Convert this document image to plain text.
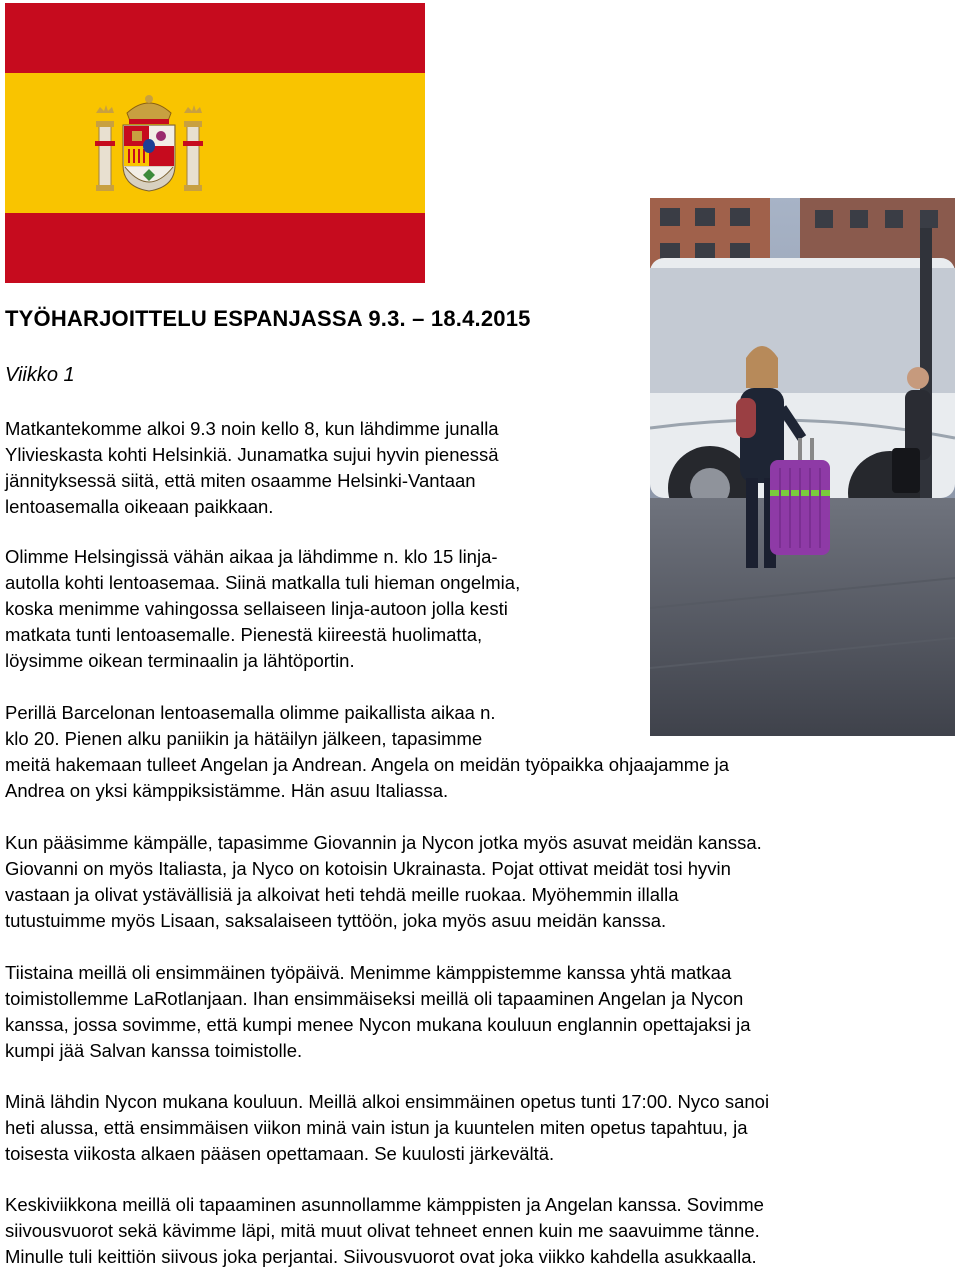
TYÖHARJOITTELU ESPANJASSA 9.3. – 18.4.2015

Viikko 1

Matkantekomme alkoi 9.3 noin kello 8, kun lähdimme junalla
Ylivieskasta kohti Helsinkiä. Junamatka sujui hyvin pienessä
jännityksessä siitä, että miten osaamme Helsinki-Vantaan
lentoasemalla oikeaan paikkaan.

Olimme Helsingissä vähän aikaa ja lähdimme n. klo 15 linja-
autolla kohti lentoasemaa. Siinä matkalla tuli hieman ongelmia,
koska menimme vahingossa sellaiseen linja-autoon jolla kesti
matkata tunti lentoasemalle. Pienestä kiireestä huolimatta,
löysimme oikean terminaalin ja lähtöportin.

Perillä Barcelonan lentoasemalla olimme paikallista aikaa n.
klo 20. Pienen alku paniikin ja hätäilyn jälkeen, tapasimme
meitä hakemaan tulleet Angelan ja Andrean. Angela on meidän työpaikka ohjaajamme ja
Andrea on yksi kämppiksistämme. Hän asuu Italiassa.

Kun pääsimme kämpälle, tapasimme Giovannin ja Nycon jotka myös asuvat meidän kanssa.
Giovanni on myös Italiasta, ja Nyco on kotoisin Ukrainasta. Pojat ottivat meidät tosi hyvin
vastaan ja olivat ystävällisiä ja alkoivat heti tehdä meille ruokaa. Myöhemmin illalla
tutustuimme myös Lisaan, saksalaiseen tyttöön, joka myös asuu meidän kanssa.

Tiistaina meillä oli ensimmäinen työpäivä. Menimme kämppistemme kanssa yhtä matkaa
toimistollemme LaRotlanjaan. Ihan ensimmäiseksi meillä oli tapaaminen Angelan ja Nycon
kanssa, jossa sovimme, että kumpi menee Nycon mukana kouluun englannin opettajaksi ja
kumpi jää Salvan kanssa toimistolle.

Minä lähdin Nycon mukana kouluun. Meillä alkoi ensimmäinen opetus tunti 17:00. Nyco sanoi
heti alussa, että ensimmäisen viikon minä vain istun ja kuuntelen miten opetus tapahtuu, ja
toisesta viikosta alkaen pääsen opettamaan. Se kuulosti järkevältä.

Keskiviikkona meillä oli tapaaminen asunnollamme kämppisten ja Angelan kanssa. Sovimme
siivousvuorot sekä kävimme läpi, mitä muut olivat tehneet ennen kuin me saavuimme tänne.
Minulle tuli keittiön siivous joka perjantai. Siivousvuorot ovat joka viikko kahdella asukkaalla.
